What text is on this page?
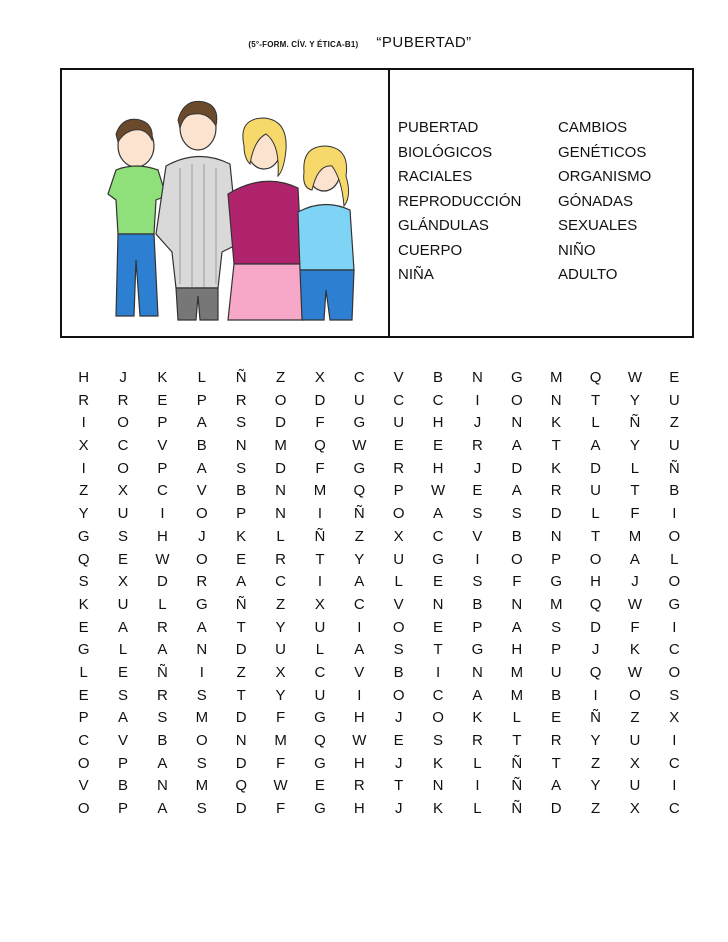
(5°-FORM. CÍV. Y ÉTICA-B1) “PUBERTAD”
PUBERTAD	CAMBIOS
BIOLÓGICOS	GENÉTICOS
RACIALES	ORGANISMO
REPRODUCCIÓN	GÓNADAS
GLÁNDULAS	SEXUALES
CUERPO	NIÑO
NIÑA	ADULTO
H	J	K	L	Ñ	Z	X	C	V	B	N	G	M	Q	W	E
R	R	E	P	R	O	D	U	C	C	I	O	N	T	Y	U
I	O	P	A	S	D	F	G	U	H	J	N	K	L	Ñ	Z
X	C	V	B	N	M	Q	W	E	E	R	A	T	A	Y	U
I	O	P	A	S	D	F	G	R	H	J	D	K	D	L	Ñ
Z	X	C	V	B	N	M	Q	P	W	E	A	R	U	T	B
Y	U	I	O	P	N	I	Ñ	O	A	S	S	D	L	F	I
G	S	H	J	K	L	Ñ	Z	X	C	V	B	N	T	M	O
Q	E	W	O	E	R	T	Y	U	G	I	O	P	O	A	L
S	X	D	R	A	C	I	A	L	E	S	F	G	H	J	O
K	U	L	G	Ñ	Z	X	C	V	N	B	N	M	Q	W	G
E	A	R	A	T	Y	U	I	O	E	P	A	S	D	F	I
G	L	A	N	D	U	L	A	S	T	G	H	P	J	K	C
L	E	Ñ	I	Z	X	C	V	B	I	N	M	U	Q	W	O
E	S	R	S	T	Y	U	I	O	C	A	M	B	I	O	S
P	A	S	M	D	F	G	H	J	O	K	L	E	Ñ	Z	X
C	V	B	O	N	M	Q	W	E	S	R	T	R	Y	U	I
O	P	A	S	D	F	G	H	J	K	L	Ñ	T	Z	X	C
V	B	N	M	Q	W	E	R	T	N	I	Ñ	A	Y	U	I
O	P	A	S	D	F	G	H	J	K	L	Ñ	D	Z	X	C
